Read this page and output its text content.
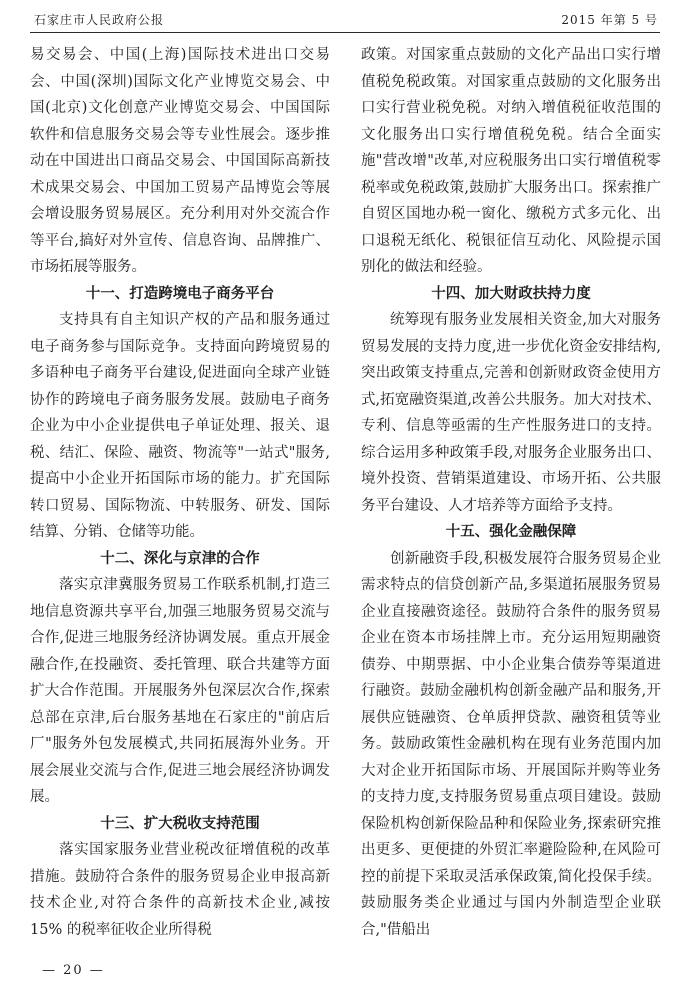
石家庄市人民政府公报	2015 年第 5 号

易交易会、中国(上海)国际技术进出口交易会、中国(深圳)国际文化产业博览交易会、中国(北京)文化创意产业博览交易会、中国国际软件和信息服务交易会等专业性展会。逐步推动在中国进出口商品交易会、中国国际高新技术成果交易会、中国加工贸易产品博览会等展会增设服务贸易展区。充分利用对外交流合作等平台,搞好对外宣传、信息咨询、品牌推广、市场拓展等服务。

十一、打造跨境电子商务平台

支持具有自主知识产权的产品和服务通过电子商务参与国际竞争。支持面向跨境贸易的多语种电子商务平台建设,促进面向全球产业链协作的跨境电子商务服务发展。鼓励电子商务企业为中小企业提供电子单证处理、报关、退税、结汇、保险、融资、物流等"一站式"服务,提高中小企业开拓国际市场的能力。扩充国际转口贸易、国际物流、中转服务、研发、国际结算、分销、仓储等功能。

十二、深化与京津的合作

落实京津冀服务贸易工作联系机制,打造三地信息资源共享平台,加强三地服务贸易交流与合作,促进三地服务经济协调发展。重点开展金融合作,在投融资、委托管理、联合共建等方面扩大合作范围。开展服务外包深层次合作,探索总部在京津,后台服务基地在石家庄的"前店后厂"服务外包发展模式,共同拓展海外业务。开展会展业交流与合作,促进三地会展经济协调发展。

十三、扩大税收支持范围

落实国家服务业营业税改征增值税的改革措施。鼓励符合条件的服务贸易企业申报高新技术企业,对符合条件的高新技术企业,减按 15% 的税率征收企业所得税

政策。对国家重点鼓励的文化产品出口实行增值税免税政策。对国家重点鼓励的文化服务出口实行营业税免税。对纳入增值税征收范围的文化服务出口实行增值税免税。结合全面实施"营改增"改革,对应税服务出口实行增值税零税率或免税政策,鼓励扩大服务出口。探索推广自贸区国地办税一窗化、缴税方式多元化、出口退税无纸化、税银征信互动化、风险提示国别化的做法和经验。

十四、加大财政扶持力度

统筹现有服务业发展相关资金,加大对服务贸易发展的支持力度,进一步优化资金安排结构,突出政策支持重点,完善和创新财政资金使用方式,拓宽融资渠道,改善公共服务。加大对技术、专利、信息等亟需的生产性服务进口的支持。综合运用多种政策手段,对服务企业服务出口、境外投资、营销渠道建设、市场开拓、公共服务平台建设、人才培养等方面给予支持。

十五、强化金融保障

创新融资手段,积极发展符合服务贸易企业需求特点的信贷创新产品,多渠道拓展服务贸易企业直接融资途径。鼓励符合条件的服务贸易企业在资本市场挂牌上市。充分运用短期融资债券、中期票据、中小企业集合债券等渠道进行融资。鼓励金融机构创新金融产品和服务,开展供应链融资、仓单质押贷款、融资租赁等业务。鼓励政策性金融机构在现有业务范围内加大对企业开拓国际市场、开展国际并购等业务的支持力度,支持服务贸易重点项目建设。鼓励保险机构创新保险品种和保险业务,探索研究推出更多、更便捷的外贸汇率避险险种,在风险可控的前提下采取灵活承保政策,简化投保手续。鼓励服务类企业通过与国内外制造型企业联合,"借船出

— 20 —
